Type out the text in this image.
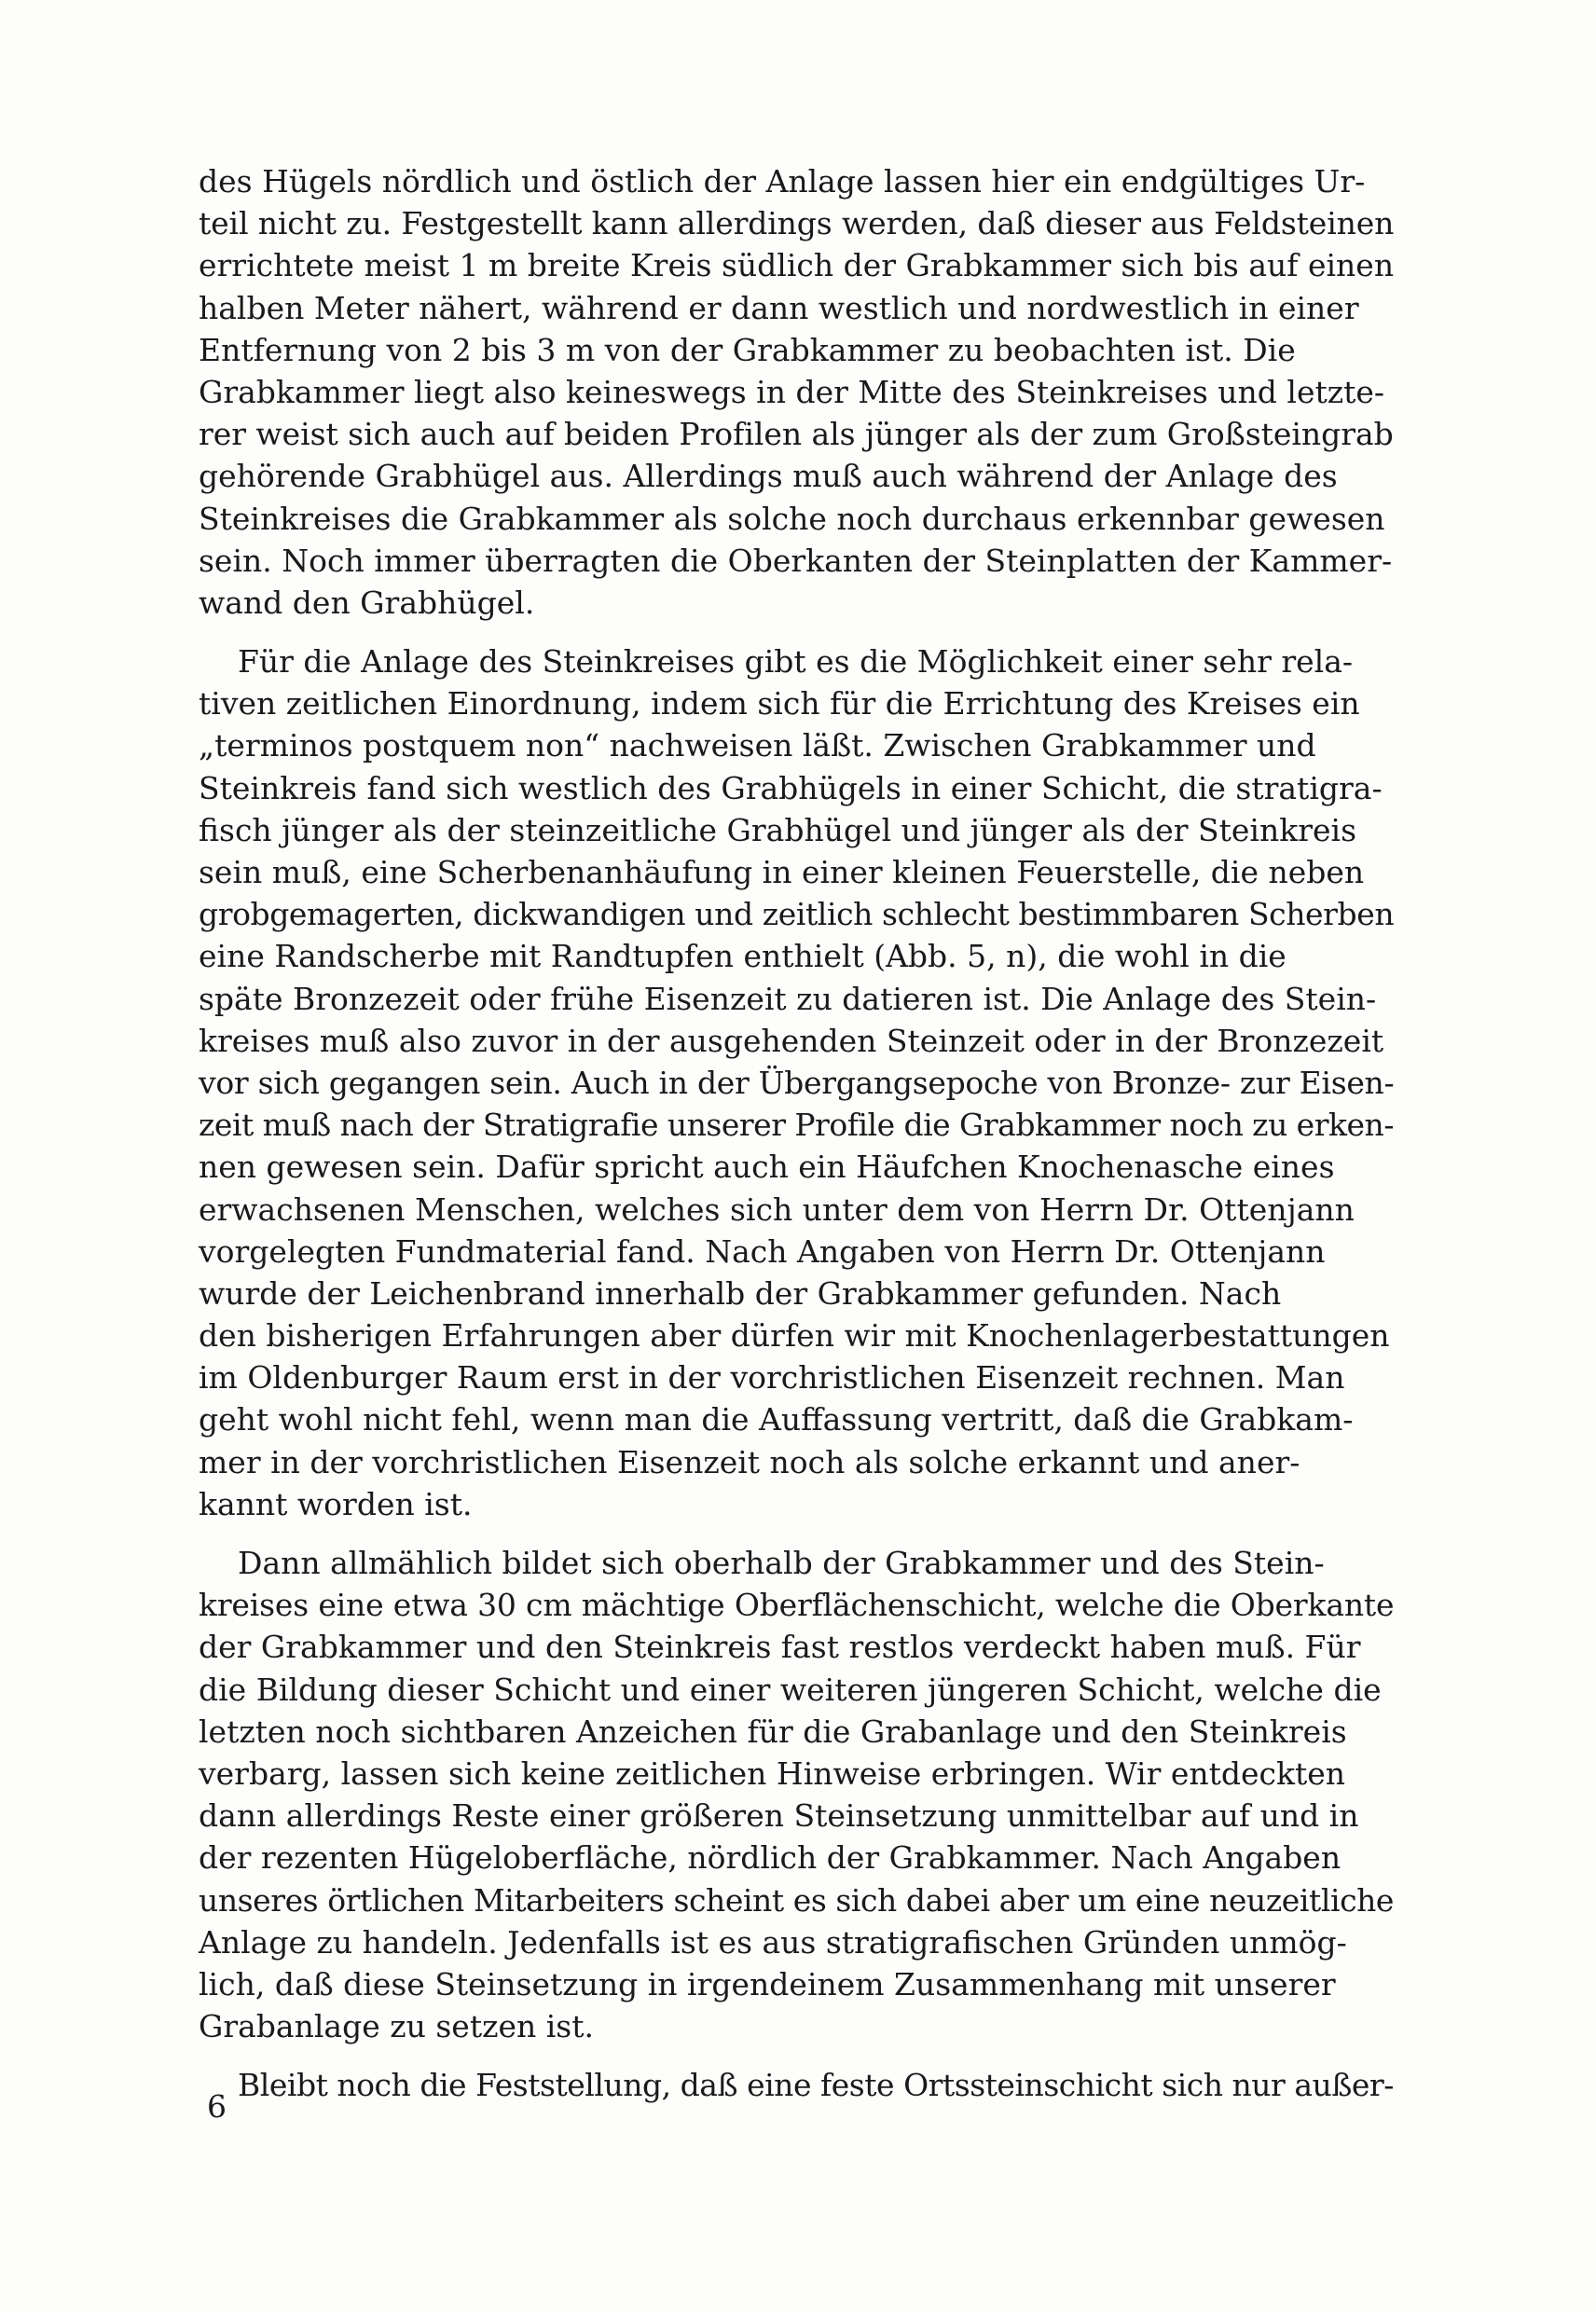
des Hügels nördlich und östlich der Anlage lassen hier ein endgültiges Ur-
teil nicht zu. Festgestellt kann allerdings werden, daß dieser aus Feldsteinen
errichtete meist 1 m breite Kreis südlich der Grabkammer sich bis auf einen
halben Meter nähert, während er dann westlich und nordwestlich in einer
Entfernung von 2 bis 3 m von der Grabkammer zu beobachten ist. Die
Grabkammer liegt also keineswegs in der Mitte des Steinkreises und letzte-
rer weist sich auch auf beiden Profilen als jünger als der zum Großsteingrab
gehörende Grabhügel aus. Allerdings muß auch während der Anlage des
Steinkreises die Grabkammer als solche noch durchaus erkennbar gewesen
sein. Noch immer überragten die Oberkanten der Steinplatten der Kammer-
wand den Grabhügel.
Für die Anlage des Steinkreises gibt es die Möglichkeit einer sehr rela-
tiven zeitlichen Einordnung, indem sich für die Errichtung des Kreises ein
„terminos postquem non“ nachweisen läßt. Zwischen Grabkammer und
Steinkreis fand sich westlich des Grabhügels in einer Schicht, die stratigra-
fisch jünger als der steinzeitliche Grabhügel und jünger als der Steinkreis
sein muß, eine Scherbenanhäufung in einer kleinen Feuerstelle, die neben
grobgemagerten, dickwandigen und zeitlich schlecht bestimmbaren Scherben
eine Randscherbe mit Randtupfen enthielt (Abb. 5, n), die wohl in die
späte Bronzezeit oder frühe Eisenzeit zu datieren ist. Die Anlage des Stein-
kreises muß also zuvor in der ausgehenden Steinzeit oder in der Bronzezeit
vor sich gegangen sein. Auch in der Übergangsepoche von Bronze- zur Eisen-
zeit muß nach der Stratigrafie unserer Profile die Grabkammer noch zu erken-
nen gewesen sein. Dafür spricht auch ein Häufchen Knochenasche eines
erwachsenen Menschen, welches sich unter dem von Herrn Dr. Ottenjann
vorgelegten Fundmaterial fand. Nach Angaben von Herrn Dr. Ottenjann
wurde der Leichenbrand innerhalb der Grabkammer gefunden. Nach
den bisherigen Erfahrungen aber dürfen wir mit Knochenlagerbestattungen
im Oldenburger Raum erst in der vorchristlichen Eisenzeit rechnen. Man
geht wohl nicht fehl, wenn man die Auffassung vertritt, daß die Grabkam-
mer in der vorchristlichen Eisenzeit noch als solche erkannt und aner-
kannt worden ist.
Dann allmählich bildet sich oberhalb der Grabkammer und des Stein-
kreises eine etwa 30 cm mächtige Oberflächenschicht, welche die Oberkante
der Grabkammer und den Steinkreis fast restlos verdeckt haben muß. Für
die Bildung dieser Schicht und einer weiteren jüngeren Schicht, welche die
letzten noch sichtbaren Anzeichen für die Grabanlage und den Steinkreis
verbarg, lassen sich keine zeitlichen Hinweise erbringen. Wir entdeckten
dann allerdings Reste einer größeren Steinsetzung unmittelbar auf und in
der rezenten Hügeloberfläche, nördlich der Grabkammer. Nach Angaben
unseres örtlichen Mitarbeiters scheint es sich dabei aber um eine neuzeitliche
Anlage zu handeln. Jedenfalls ist es aus stratigrafischen Gründen unmög-
lich, daß diese Steinsetzung in irgendeinem Zusammenhang mit unserer
Grabanlage zu setzen ist.
Bleibt noch die Feststellung, daß eine feste Ortssteinschicht sich nur außer-
6
